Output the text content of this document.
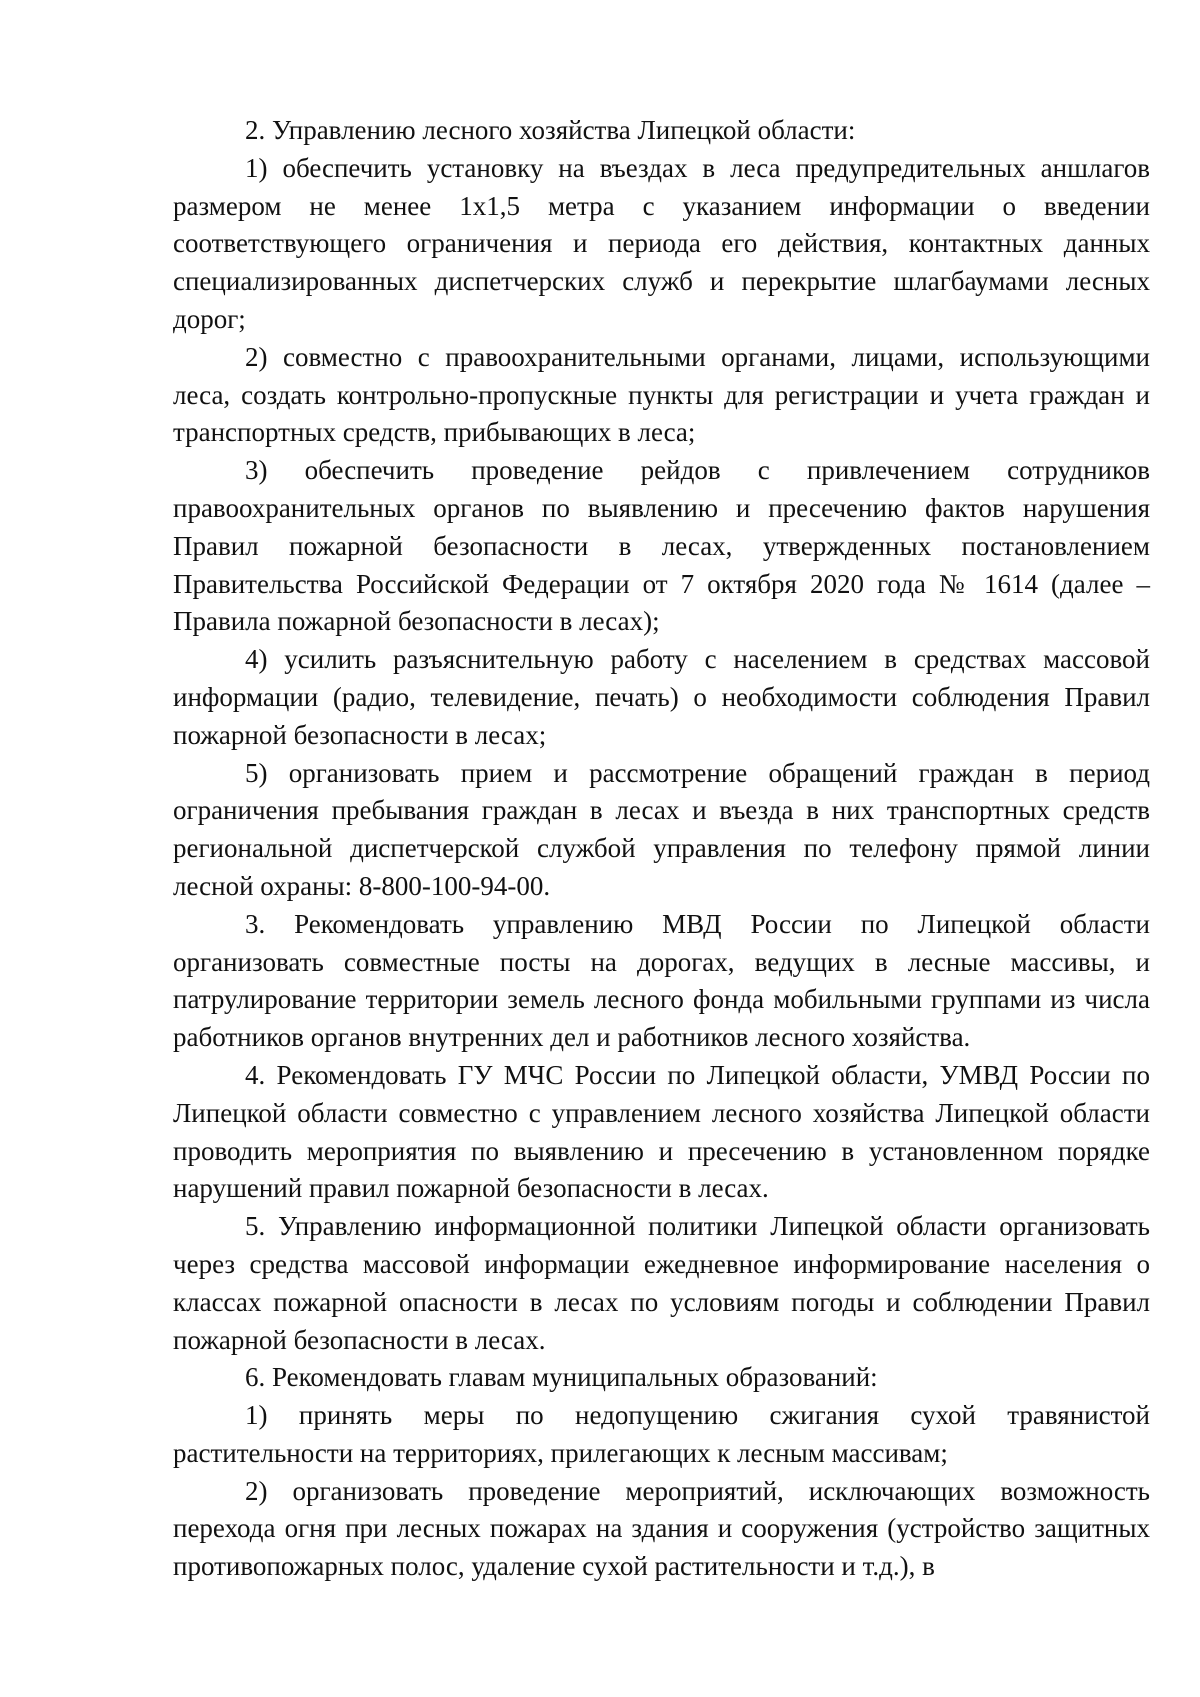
2. Управлению лесного хозяйства Липецкой области:

1) обеспечить установку на въездах в леса предупредительных аншлагов размером не менее 1х1,5 метра с указанием информации о введении соответствующего ограничения и периода его действия, контактных данных специализированных диспетчерских служб и перекрытие шлагбаумами лесных дорог;

2) совместно с правоохранительными органами, лицами, использующими леса, создать контрольно-пропускные пункты для регистрации и учета граждан и транспортных средств, прибывающих в леса;

3) обеспечить проведение рейдов с привлечением сотрудников правоохранительных органов по выявлению и пресечению фактов нарушения Правил пожарной безопасности в лесах, утвержденных постановлением Правительства Российской Федерации от 7 октября 2020 года № 1614 (далее – Правила пожарной безопасности в лесах);

4) усилить разъяснительную работу с населением в средствах массовой информации (радио, телевидение, печать) о необходимости соблюдения Правил пожарной безопасности в лесах;

5) организовать прием и рассмотрение обращений граждан в период ограничения пребывания граждан в лесах и въезда в них транспортных средств региональной диспетчерской службой управления по телефону прямой линии лесной охраны: 8-800-100-94-00.

3. Рекомендовать управлению МВД России по Липецкой области организовать совместные посты на дорогах, ведущих в лесные массивы, и патрулирование территории земель лесного фонда мобильными группами из числа работников органов внутренних дел и работников лесного хозяйства.

4. Рекомендовать ГУ МЧС России по Липецкой области, УМВД России по Липецкой области совместно с управлением лесного хозяйства Липецкой области проводить мероприятия по выявлению и пресечению в установленном порядке нарушений правил пожарной безопасности в лесах.

5. Управлению информационной политики Липецкой области организовать через средства массовой информации ежедневное информирование населения о классах пожарной опасности в лесах по условиям погоды и соблюдении Правил пожарной безопасности в лесах.

6. Рекомендовать главам муниципальных образований:

1) принять меры по недопущению сжигания сухой травянистой растительности на территориях, прилегающих к лесным массивам;

2) организовать проведение мероприятий, исключающих возможность перехода огня при лесных пожарах на здания и сооружения (устройство защитных противопожарных полос, удаление сухой растительности и т.д.), в
